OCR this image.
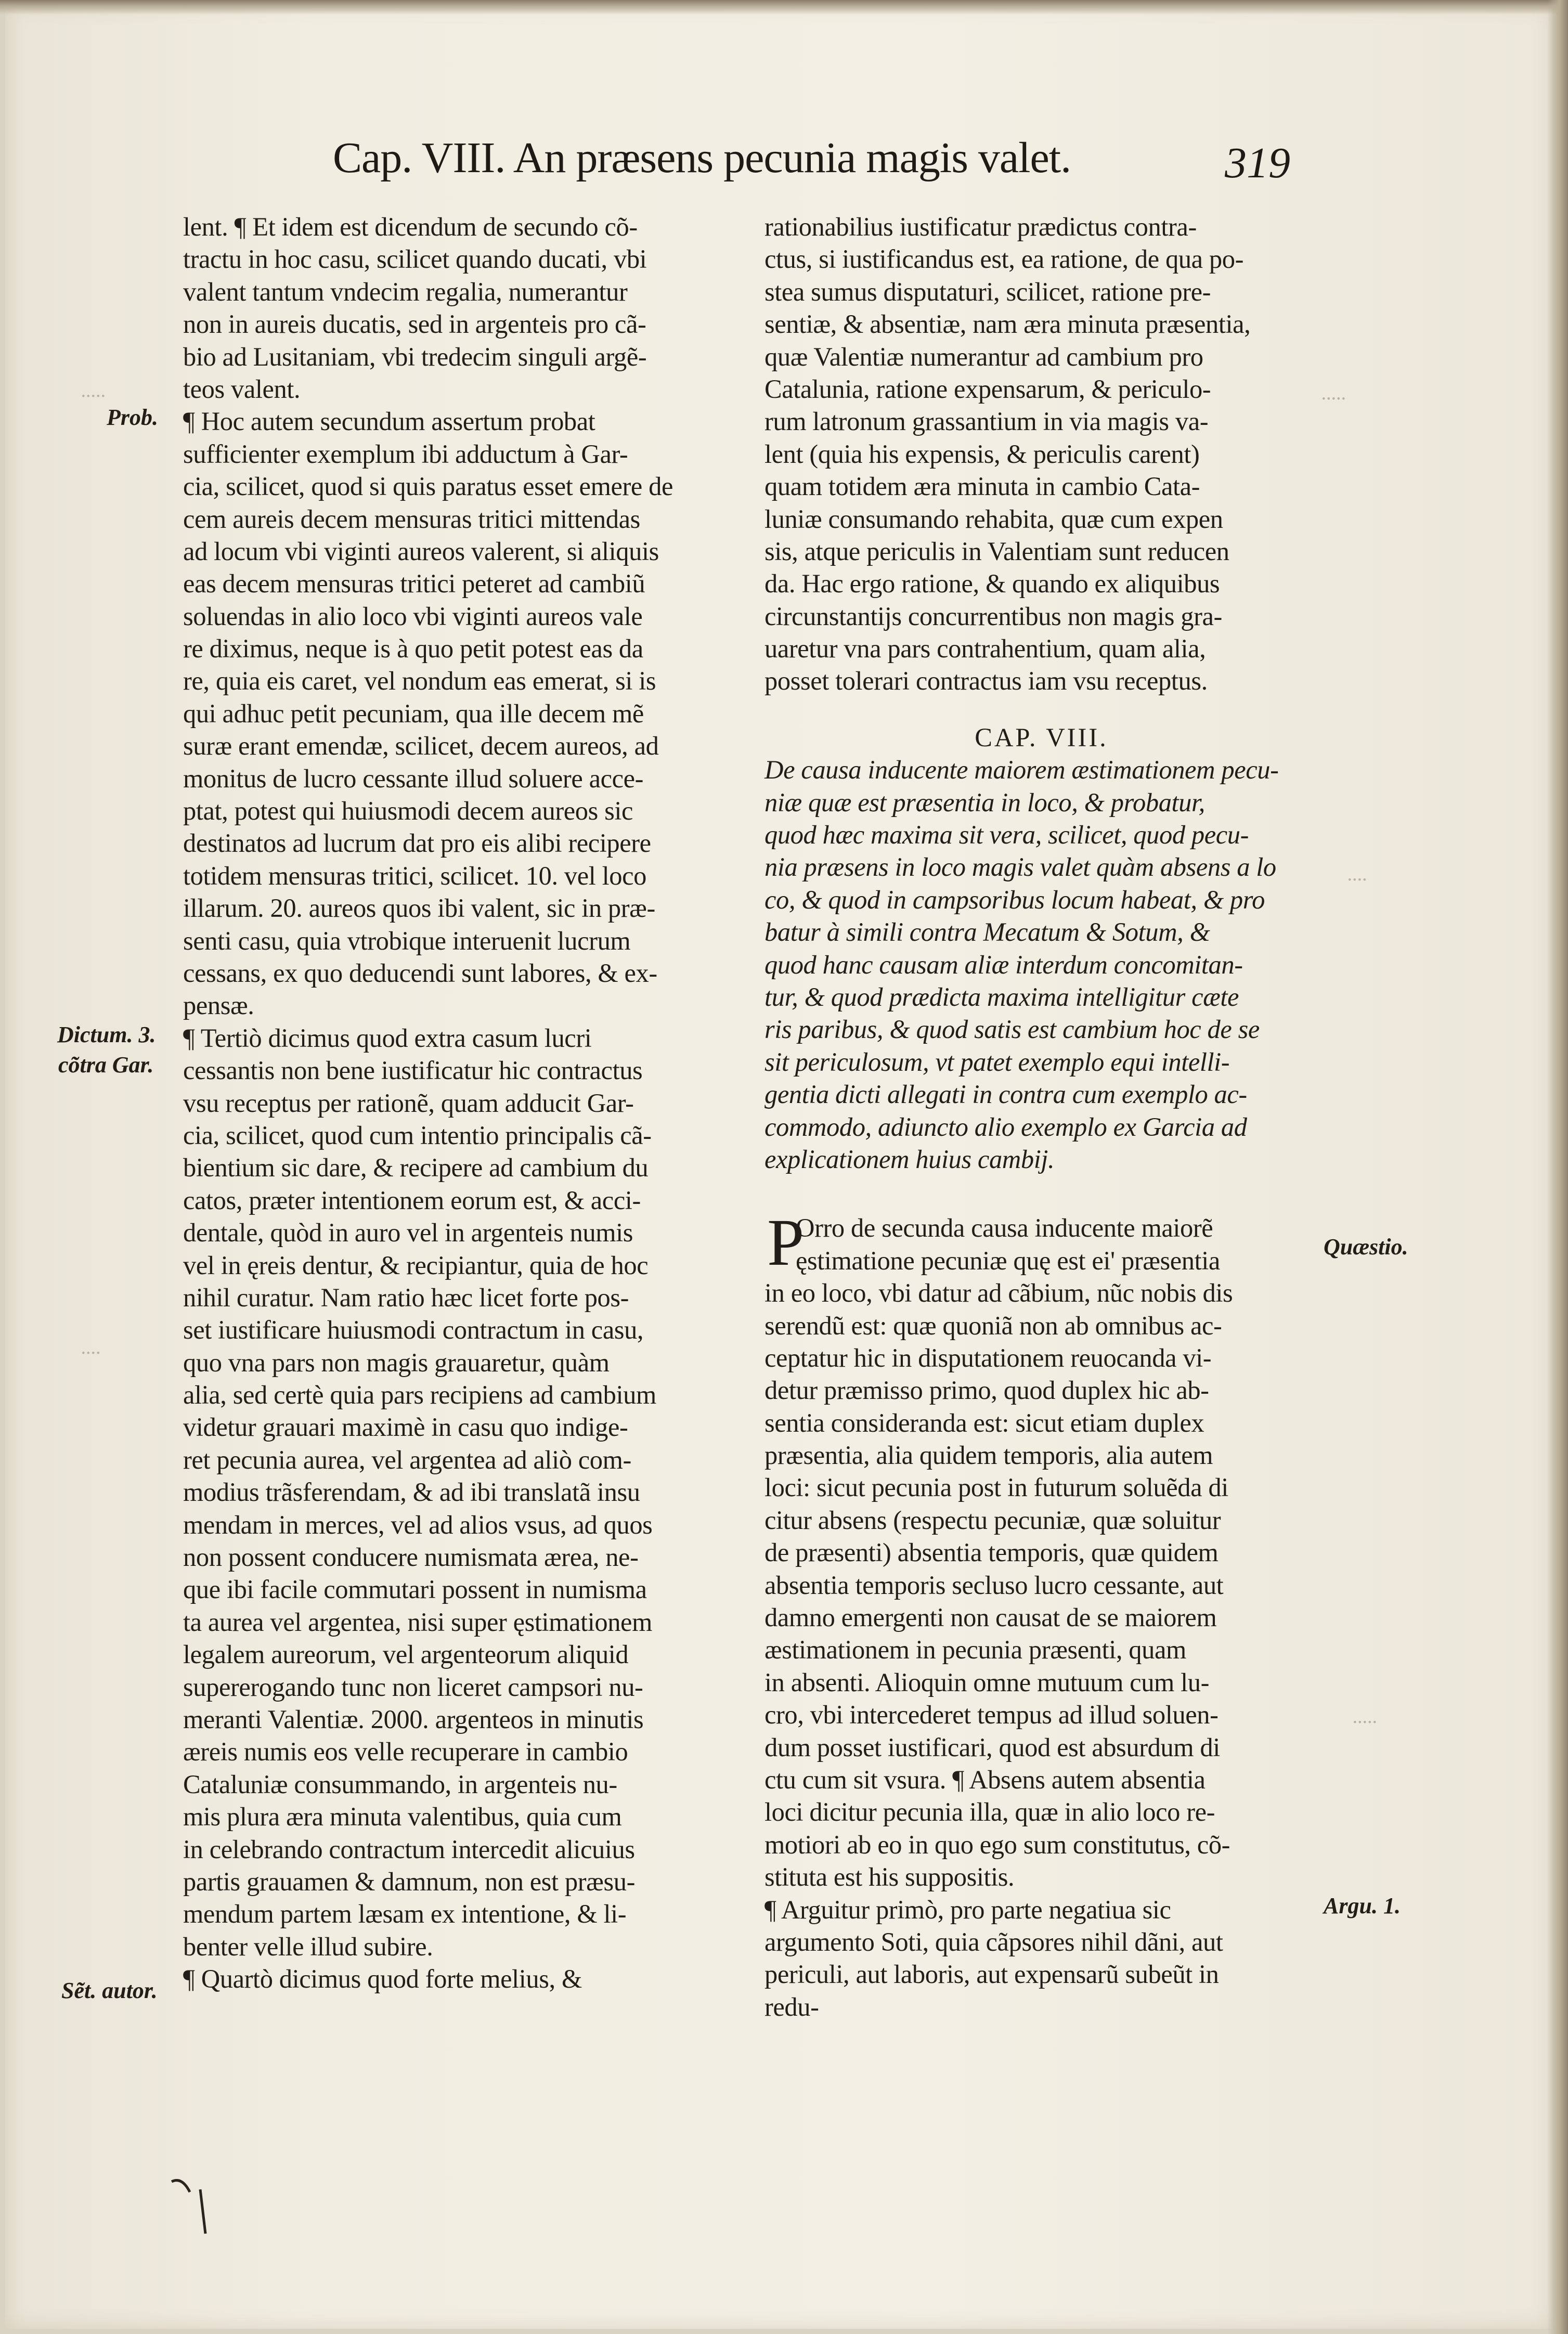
Cap. VIII. An præsens pecunia magis valet.	319
·····	·····
····
····
·····
Prob.
Dictum. 3.
cõtra Gar.
Sẽt. autor.
Quæstio.
Argu. 1.
lent. ¶ Et idem est dicendum de secundo cõ-
tractu in hoc casu, scilicet quando ducati, vbi
valent tantum vndecim regalia, numerantur
non in aureis ducatis, sed in argenteis pro cã-
bio ad Lusitaniam, vbi tredecim singuli argẽ-
teos valent.
¶ Hoc autem secundum assertum probat
sufficienter exemplum ibi adductum à Gar-
cia, scilicet, quod si quis paratus esset emere de
cem aureis decem mensuras tritici mittendas
ad locum vbi viginti aureos valerent, si aliquis
eas decem mensuras tritici peteret ad cambiũ
soluendas in alio loco vbi viginti aureos vale
re diximus, neque is à quo petit potest eas da
re, quia eis caret, vel nondum eas emerat, si is
qui adhuc petit pecuniam, qua ille decem mẽ
suræ erant emendæ, scilicet, decem aureos, ad
monitus de lucro cessante illud soluere acce-
ptat, potest qui huiusmodi decem aureos sic
destinatos ad lucrum dat pro eis alibi recipere
totidem mensuras tritici, scilicet. 10. vel loco
illarum. 20. aureos quos ibi valent, sic in præ-
senti casu, quia vtrobique interuenit lucrum
cessans, ex quo deducendi sunt labores, & ex-
pensæ.
¶ Tertiò dicimus quod extra casum lucri
cessantis non bene iustificatur hic contractus
vsu receptus per rationẽ, quam adducit Gar-
cia, scilicet, quod cum intentio principalis cã-
bientium sic dare, & recipere ad cambium du
catos, præter intentionem eorum est, & acci-
dentale, quòd in auro vel in argenteis numis
vel in ęreis dentur, & recipiantur, quia de hoc
nihil curatur. Nam ratio hæc licet forte pos-
set iustificare huiusmodi contractum in casu,
quo vna pars non magis grauaretur, quàm
alia, sed certè quia pars recipiens ad cambium
videtur grauari maximè in casu quo indige-
ret pecunia aurea, vel argentea ad aliò com-
modius trãsferendam, & ad ibi translatã insu
mendam in merces, vel ad alios vsus, ad quos
non possent conducere numismata ærea, ne-
que ibi facile commutari possent in numisma
ta aurea vel argentea, nisi super ęstimationem
legalem aureorum, vel argenteorum aliquid
supererogando tunc non liceret campsori nu-
meranti Valentiæ. 2000. argenteos in minutis
æreis numis eos velle recuperare in cambio
Cataluniæ consummando, in argenteis nu-
mis plura æra minuta valentibus, quia cum
in celebrando contractum intercedit alicuius
partis grauamen & damnum, non est præsu-
mendum partem læsam ex intentione, & li-
benter velle illud subire.
¶ Quartò dicimus quod forte melius, &
rationabilius iustificatur prædictus contra-
ctus, si iustificandus est, ea ratione, de qua po-
stea sumus disputaturi, scilicet, ratione pre-
sentiæ, & absentiæ, nam æra minuta præsentia,
quæ Valentiæ numerantur ad cambium pro
Catalunia, ratione expensarum, & periculo-
rum latronum grassantium in via magis va-
lent (quia his expensis, & periculis carent)
quam totidem æra minuta in cambio Cata-
luniæ consumando rehabita, quæ cum expen
sis, atque periculis in Valentiam sunt reducen
da. Hac ergo ratione, & quando ex aliquibus
circunstantijs concurrentibus non magis gra-
uaretur vna pars contrahentium, quam alia,
posset tolerari contractus iam vsu receptus.
CAP. VIII.
De causa inducente maiorem æstimationem pecu-
niæ quæ est præsentia in loco, & probatur,
quod hæc maxima sit vera, scilicet, quod pecu-
nia præsens in loco magis valet quàm absens a lo
co, & quod in campsoribus locum habeat, & pro
batur à simili contra Mecatum & Sotum, &
quod hanc causam aliæ interdum concomitan-
tur, & quod prædicta maxima intelligitur cæte
ris paribus, & quod satis est cambium hoc de se
sit periculosum, vt patet exemplo equi intelli-
gentia dicti allegati in contra cum exemplo ac-
commodo, adiuncto alio exemplo ex Garcia ad
explicationem huius cambij.
Orro de secunda causa inducente maiorẽ
ęstimatione pecuniæ quę est ei' præsentia
in eo loco, vbi datur ad cãbium, nũc nobis dis
serendũ est: quæ quoniã non ab omnibus ac-
ceptatur hic in disputationem reuocanda vi-
detur præmisso primo, quod duplex hic ab-
sentia consideranda est: sicut etiam duplex
præsentia, alia quidem temporis, alia autem
loci: sicut pecunia post in futurum soluẽda di
citur absens (respectu pecuniæ, quæ soluitur
de præsenti) absentia temporis, quæ quidem
absentia temporis secluso lucro cessante, aut
damno emergenti non causat de se maiorem
æstimationem in pecunia præsenti, quam
in absenti. Alioquin omne mutuum cum lu-
cro, vbi intercederet tempus ad illud soluen-
dum posset iustificari, quod est absurdum di
ctu cum sit vsura. ¶ Absens autem absentia
loci dicitur pecunia illa, quæ in alio loco re-
motiori ab eo in quo ego sum constitutus, cõ-
stituta est his suppositis.
¶ Arguitur primò, pro parte negatiua sic
argumento Soti, quia cãpsores nihil dãni, aut
periculi, aut laboris, aut expensarũ subeũt in
redu-
P
